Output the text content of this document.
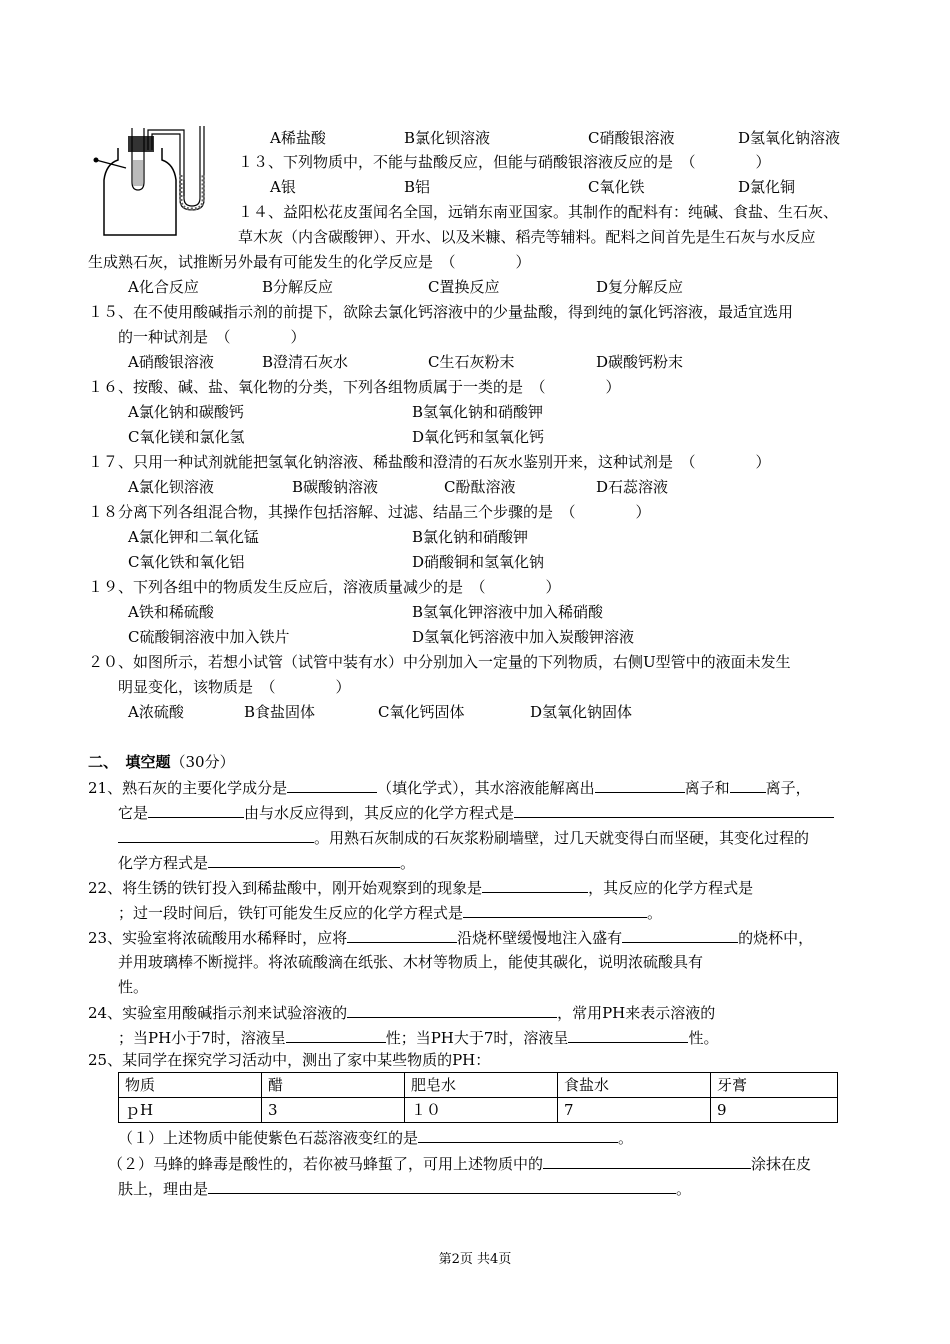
A稀盐酸	B氯化钡溶液	C硝酸银溶液	D氢氧化钠溶液
１３、下列物质中，不能与盐酸反应，但能与硝酸银溶液反应的是　（　　　　）
A银	B铝	C氧化铁	D氯化铜
１４、益阳松花皮蛋闻名全国，远销东南亚国家。其制作的配料有：纯碱、食盐、生石灰、
草木灰（内含碳酸钾）、开水、以及米糠、稻壳等辅料。配料之间首先是生石灰与水反应
生成熟石灰，试推断另外最有可能发生的化学反应是　（　　　　）
A化合反应	B分解反应	C置换反应	D复分解反应
１５、在不使用酸碱指示剂的前提下，欲除去氯化钙溶液中的少量盐酸，得到纯的氯化钙溶液，最适宜选用
的一种试剂是　（　　　　）
A硝酸银溶液	B澄清石灰水	C生石灰粉末	D碳酸钙粉末
１６、按酸、碱、盐、氧化物的分类，下列各组物质属于一类的是　（　　　　）
A氯化钠和碳酸钙	B氢氧化钠和硝酸钾
C氧化镁和氯化氢	D氧化钙和氢氧化钙
１７、只用一种试剂就能把氢氧化钠溶液、稀盐酸和澄清的石灰水鉴别开来，这种试剂是　（　　　　）
A氯化钡溶液	B碳酸钠溶液	C酚酞溶液	D石蕊溶液
１８分离下列各组混合物，其操作包括溶解、过滤、结晶三个步骤的是　（　　　　）
A氯化钾和二氧化锰	B氯化钠和硝酸钾
C氧化铁和氧化铝	D硝酸铜和氢氧化钠
１９、下列各组中的物质发生反应后，溶液质量减少的是　（　　　　）
A铁和稀硫酸	B氢氧化钾溶液中加入稀硝酸
C硫酸铜溶液中加入铁片	D氢氧化钙溶液中加入炭酸钾溶液
２０、如图所示，若想小试管（试管中装有水）中分别加入一定量的下列物质，右侧U型管中的液面未发生
明显变化，该物质是　（　　　　）
A浓硫酸	B食盐固体	C氧化钙固体	D氢氧化钠固体
二、　填空题（30分）
21、熟石灰的主要化学成分是	（填化学式），其水溶液能解离出	离子和 离子，
它是	由与水反应得到，其反应的化学方程式是
。用熟石灰制成的石灰浆粉刷墙壁，过几天就变得白而坚硬，其变化过程的
化学方程式是	。
22、将生锈的铁钉投入到稀盐酸中，刚开始观察到的现象是	，其反应的化学方程式是
；过一段时间后，铁钉可能发生反应的化学方程式是	。
23、实验室将浓硫酸用水稀释时，应将	沿烧杯壁缓慢地注入盛有	的烧杯中，
并用玻璃棒不断搅拌。将浓硫酸滴在纸张、木材等物质上，能使其碳化，说明浓硫酸具有
性。
24、实验室用酸碱指示剂来试验溶液的	，常用PH来表示溶液的
；当PH小于7时，溶液呈	性；当PH大于7时，溶液呈	性。
25、某同学在探究学习活动中，测出了家中某些物质的PH：
物质	醋	肥皂水	食盐水	牙膏
ｐH	3	１０	7	9
（１）上述物质中能使紫色石蕊溶液变红的是	。
（２）马蜂的蜂毒是酸性的，若你被马蜂蜇了，可用上述物质中的	涂抹在皮
肤上，理由是	。
第2页 共4页
